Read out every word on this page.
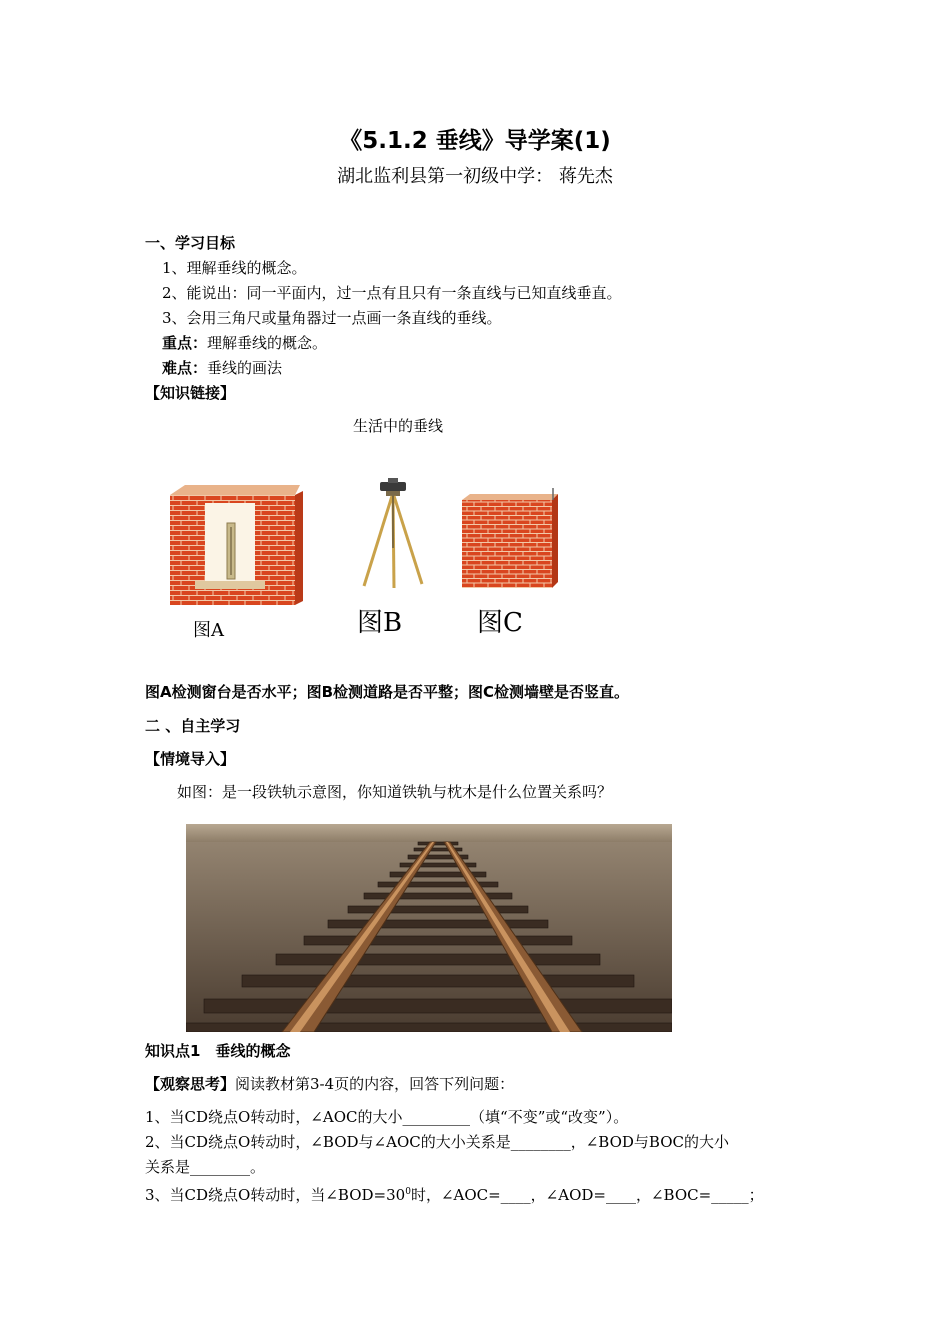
《5.1.2 垂线》导学案(1)
湖北监利县第一初级中学： 蒋先杰
一、学习目标
1、理解垂线的概念。
2、能说出：同一平面内，过一点有且只有一条直线与已知直线垂直。
3、会用三角尺或量角器过一点画一条直线的垂线。
重点：理解垂线的概念。
难点：垂线的画法
【知识链接】
生活中的垂线
图A	图B	图C
图A检测窗台是否水平；图B检测道路是否平整；图C检测墙壁是否竖直。
二 、自主学习
【情境导入】
如图：是一段铁轨示意图，你知道铁轨与枕木是什么位置关系吗？
知识点1　垂线的概念
【观察思考】阅读教材第3-4页的内容，回答下列问题：
1、当CD绕点O转动时，∠AOC的大小_________（填“不变”或“改变”）。
2、当CD绕点O转动时，∠BOD与∠AOC的大小关系是________，∠BOD与BOC的大小
关系是________。
3、当CD绕点O转动时，当$\angle BOD=30^0$时，∠AOC=____，∠AOD=____，∠BOC=_____；
